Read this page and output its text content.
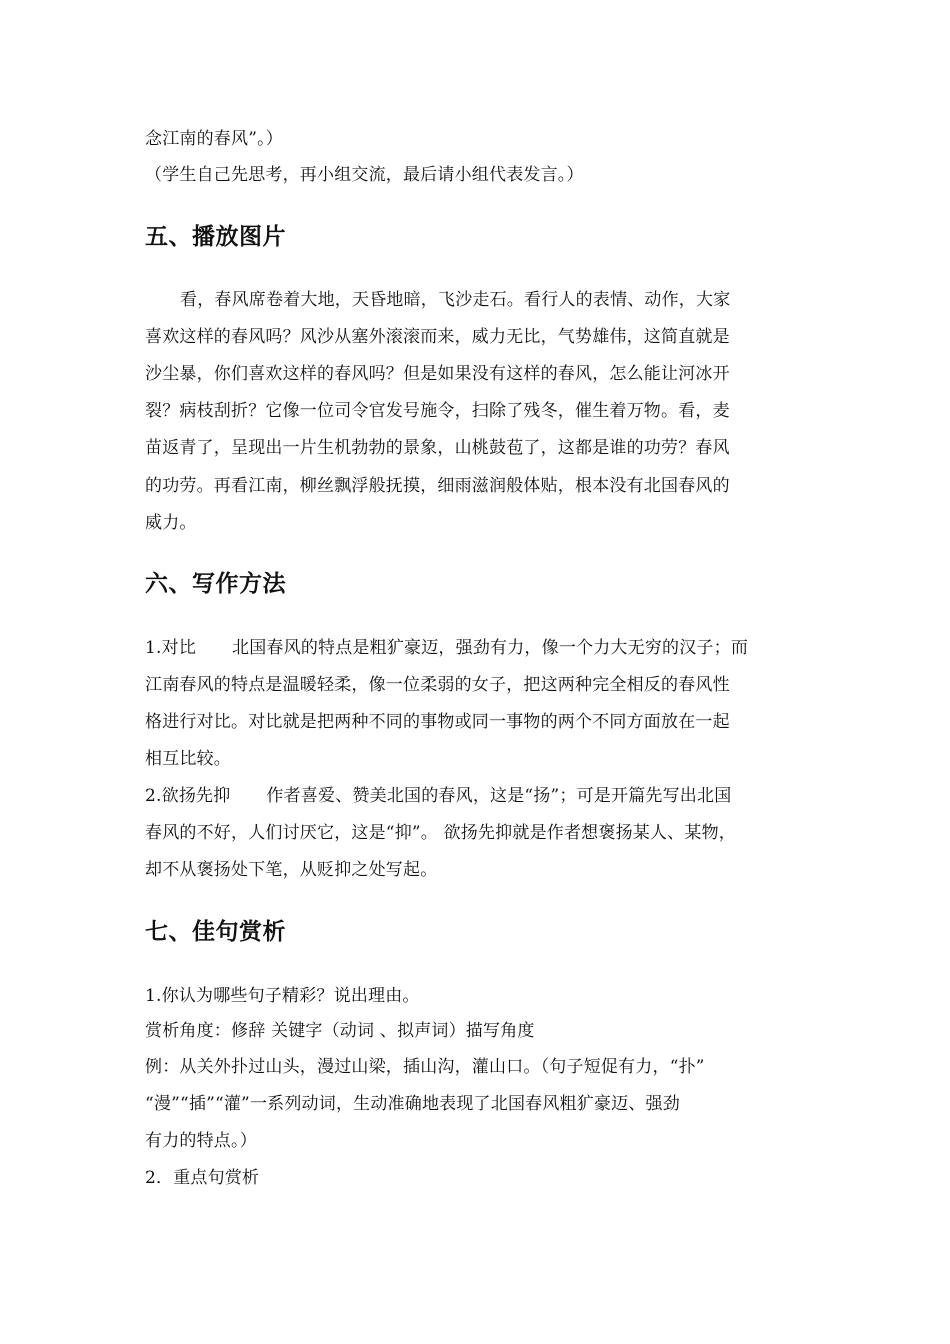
念江南的春风”。）
（学生自己先思考，再小组交流，最后请小组代表发言。）
五、播放图片
看，春风席卷着大地，天昏地暗，飞沙走石。看行人的表情、动作，大家
喜欢这样的春风吗？风沙从塞外滚滚而来，威力无比，气势雄伟，这简直就是
沙尘暴，你们喜欢这样的春风吗？但是如果没有这样的春风，怎么能让河冰开
裂？病枝刮折？它像一位司令官发号施令，扫除了残冬，催生着万物。看，麦
苗返青了，呈现出一片生机勃勃的景象，山桃鼓苞了，这都是谁的功劳？春风
的功劳。再看江南，柳丝飘浮般抚摸，细雨滋润般体贴，根本没有北国春风的
威力。
六、写作方法
1.对比 北国春风的特点是粗犷豪迈，强劲有力，像一个力大无穷的汉子；而
江南春风的特点是温暖轻柔，像一位柔弱的女子，把这两种完全相反的春风性
格进行对比。对比就是把两种不同的事物或同一事物的两个不同方面放在一起
相互比较。
2.欲扬先抑 作者喜爱、赞美北国的春风，这是“扬”；可是开篇先写出北国
春风的不好，人们讨厌它，这是“抑”。 欲扬先抑就是作者想褒扬某人、某物，
却不从褒扬处下笔，从贬抑之处写起。
七、佳句赏析
1.你认为哪些句子精彩？说出理由。
赏析角度：修辞 关键字（动词 、拟声词）描写角度
例：从关外扑过山头，漫过山梁，插山沟，灌山口。（句子短促有力，“扑”
“漫”“插”“灌”一系列动词，生动准确地表现了北国春风粗犷豪迈、强劲
有力的特点。）
2．重点句赏析
